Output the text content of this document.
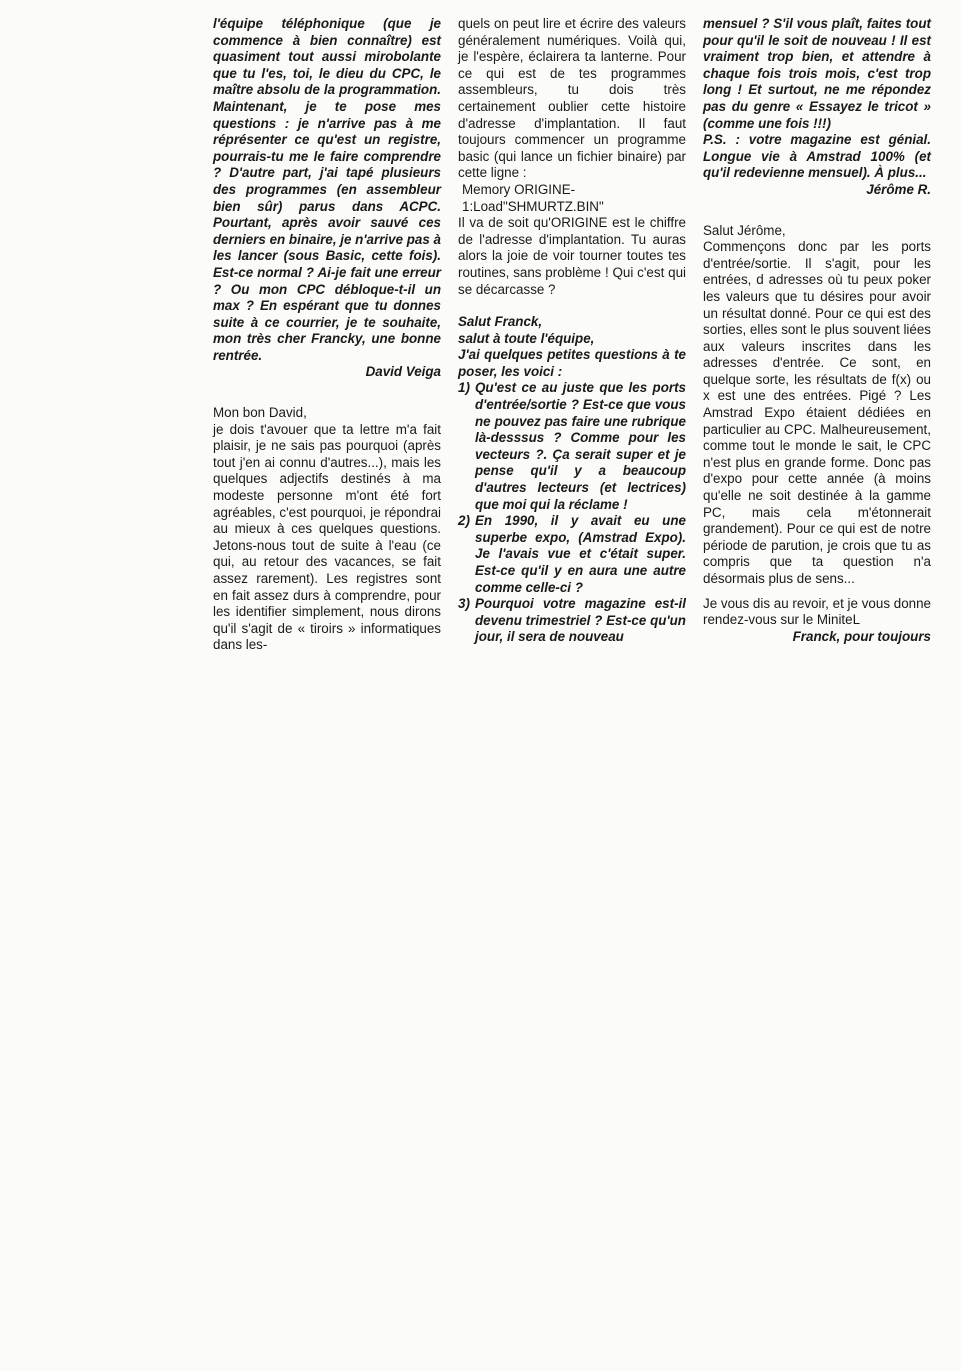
l'équipe téléphonique (que je commence à bien connaître) est quasiment tout aussi mirobolante que tu l'es, toi, le dieu du CPC, le maître absolu de la programmation. Maintenant, je te pose mes questions : je n'arrive pas à me réprésenter ce qu'est un registre, pourrais-tu me le faire comprendre ? D'autre part, j'ai tapé plusieurs des programmes (en assembleur bien sûr) parus dans ACPC. Pourtant, après avoir sauvé ces derniers en binaire, je n'arrive pas à les lancer (sous Basic, cette fois). Est-ce normal ? Ai-je fait une erreur ? Ou mon CPC débloque-t-il un max ? En espérant que tu donnes suite à ce courrier, je te souhaite, mon très cher Francky, une bonne rentrée.

David Veiga

Mon bon David,

je dois t'avouer que ta lettre m'a fait plaisir, je ne sais pas pourquoi (après tout j'en ai connu d'autres...), mais les quelques adjectifs destinés à ma modeste personne m'ont été fort agréables, c'est pourquoi, je répondrai au mieux à ces quelques questions. Jetons-nous tout de suite à l'eau (ce qui, au retour des vacances, se fait assez rarement). Les registres sont en fait assez durs à comprendre, pour les identifier simplement, nous dirons qu'il s'agit de « tiroirs » informatiques dans les-

quels on peut lire et écrire des valeurs généralement numériques. Voilà qui, je l'espère, éclairera ta lanterne. Pour ce qui est de tes programmes assembleurs, tu dois très certainement oublier cette histoire d'adresse d'implantation. Il faut toujours commencer un programme basic (qui lance un fichier binaire) par cette ligne :

Memory ORIGINE-

1:Load"SHMURTZ.BIN"

Il va de soit qu'ORIGINE est le chiffre de l'adresse d'implantation. Tu auras alors la joie de voir tourner toutes tes routines, sans problème ! Qui c'est qui se décarcasse ?

Salut Franck,

salut à toute l'équipe,

J'ai quelques petites questions à te poser, les voici :

1) Qu'est ce au juste que les ports d'entrée/sortie ? Est-ce que vous ne pouvez pas faire une rubrique là-desssus ? Comme pour les vecteurs ?. Ça serait super et je pense qu'il y a beaucoup d'autres lecteurs (et lectrices) que moi qui la réclame !
2) En 1990, il y avait eu une superbe expo, (Amstrad Expo). Je l'avais vue et c'était super. Est-ce qu'il y en aura une autre comme celle-ci ?
3) Pourquoi votre magazine est-il devenu trimestriel ? Est-ce qu'un jour, il sera de nouveau

mensuel ? S'il vous plaît, faites tout pour qu'il le soit de nouveau ! Il est vraiment trop bien, et attendre à chaque fois trois mois, c'est trop long ! Et surtout, ne me répondez pas du genre « Essayez le tricot » (comme une fois !!!)

P.S. : votre magazine est génial. Longue vie à Amstrad 100% (et qu'il redevienne mensuel). À plus...

Jérôme R.

Salut Jérôme,

Commençons donc par les ports d'entrée/sortie. Il s'agit, pour les entrées, d adresses où tu peux poker les valeurs que tu désires pour avoir un résultat donné. Pour ce qui est des sorties, elles sont le plus souvent liées aux valeurs inscrites dans les adresses d'entrée. Ce sont, en quelque sorte, les résultats de f(x) ou x est une des entrées. Pigé ? Les Amstrad Expo étaient dédiées en particulier au CPC. Malheureusement, comme tout le monde le sait, le CPC n'est plus en grande forme. Donc pas d'expo pour cette année (à moins qu'elle ne soit destinée à la gamme PC, mais cela m'étonnerait grandement). Pour ce qui est de notre période de parution, je crois que tu as compris que ta question n'a désormais plus de sens...

Je vous dis au revoir, et je vous donne rendez-vous sur le MiniteL

Franck, pour toujours
